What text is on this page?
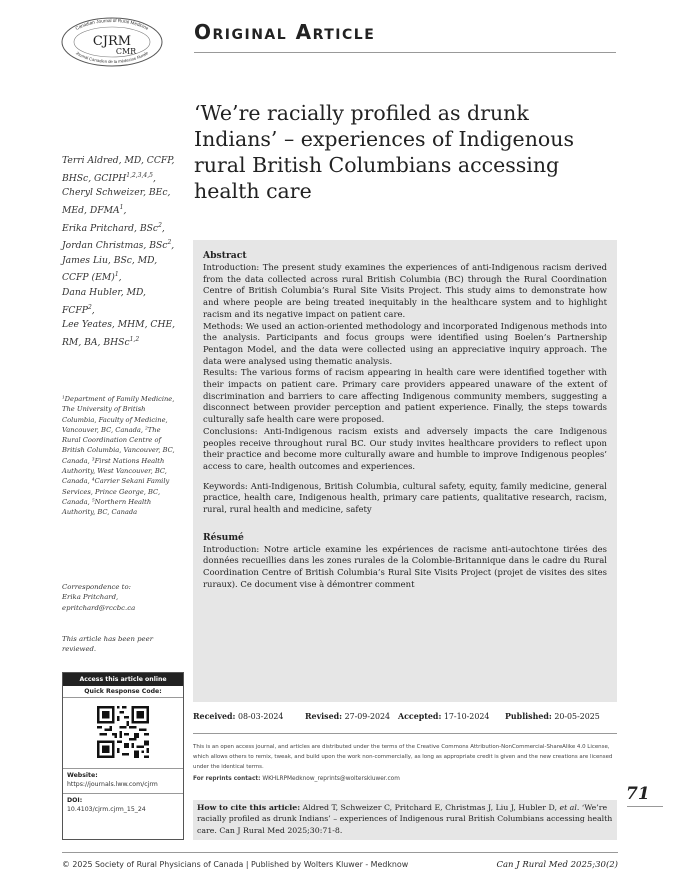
Canadian Journal of Rural Medicine
Journal Canadien de la médecine Rurale
CJRM
CMR
Original Article
‘We’re racially profiled as drunk Indians’ – experiences of Indigenous rural British Columbians accessing health care
Terri Aldred, MD, CCFP, BHSc, GCIPH$^{1,2,3,4,5}$,
Cheryl Schweizer, BEc, MEd, DFMA$^1$,
Erika Pritchard, BSc$^2$,
Jordan Christmas, BSc$^2$,
James Liu, BSc, MD, CCFP (EM)$^1$,
Dana Hubler, MD, FCFP$^2$,
Lee Yeates, MHM, CHE, RM, BA, BHSc$^{1,2}$
¹Department of Family Medicine, The University of British Columbia, Faculty of Medicine, Vancouver, BC, Canada, ²The Rural Coordination Centre of British Columbia, Vancouver, BC, Canada, ³First Nations Health Authority, West Vancouver, BC, Canada, ⁴Carrier Sekani Family Services, Prince George, BC, Canada, ⁵Northern Health Authority, BC, Canada
Correspondence to:
Erika Pritchard,
epritchard@rccbc.ca
This article has been peer reviewed.
Access this article online
Quick Response Code:
Website:
https://journals.lww.com/cjrm
DOI:
10.4103/cjrm.cjrm_15_24
Abstract

Introduction: The present study examines the experiences of anti-Indigenous racism derived from the data collected across rural British Columbia (BC) through the Rural Coordination Centre of British Columbia’s Rural Site Visits Project. This study aims to demonstrate how and where people are being treated inequitably in the healthcare system and to highlight racism and its negative impact on patient care.

Methods: We used an action-oriented methodology and incorporated Indigenous methods into the analysis. Participants and focus groups were identified using Boelen’s Partnership Pentagon Model, and the data were collected using an appreciative inquiry approach. The data were analysed using thematic analysis.

Results: The various forms of racism appearing in health care were identified together with their impacts on patient care. Primary care providers appeared unaware of the extent of discrimination and barriers to care affecting Indigenous community members, suggesting a disconnect between provider perception and patient experience. Finally, the steps towards culturally safe health care were proposed.

Conclusions: Anti-Indigenous racism exists and adversely impacts the care Indigenous peoples receive throughout rural BC. Our study invites healthcare providers to reflect upon their practice and become more culturally aware and humble to improve Indigenous peoples’ access to care, health outcomes and experiences.

Keywords: Anti-Indigenous, British Columbia, cultural safety, equity, family medicine, general practice, health care, Indigenous health, primary care patients, qualitative research, racism, rural, rural health and medicine, safety

Résumé

Introduction: Notre article examine les expériences de racisme anti-autochtone tirées des données recueillies dans les zones rurales de la Colombie-Britannique dans le cadre du Rural Coordination Centre of British Columbia’s Rural Site Visits Project (projet de visites des sites ruraux). Ce document vise à démontrer comment

Received: 08-03-2024	Revised: 27-09-2024 Accepted: 17-10-2024 Published: 20-05-2025
This is an open access journal, and articles are distributed under the terms of the Creative Commons Attribution-NonCommercial-ShareAlike 4.0 License, which allows others to remix, tweak, and build upon the work non-commercially, as long as appropriate credit is given and the new creations are licensed under the identical terms.
For reprints contact: WKHLRPMedknow_reprints@wolterskluwer.com
How to cite this article: Aldred T, Schweizer C, Pritchard E, Christmas J, Liu J, Hubler D, et al. ‘We’re racially profiled as drunk Indians’ – experiences of Indigenous rural British Columbians accessing health care. Can J Rural Med 2025;30:71-8.
71
© 2025 Society of Rural Physicians of Canada | Published by Wolters Kluwer - Medknow	Can J Rural Med 2025;30(2)
